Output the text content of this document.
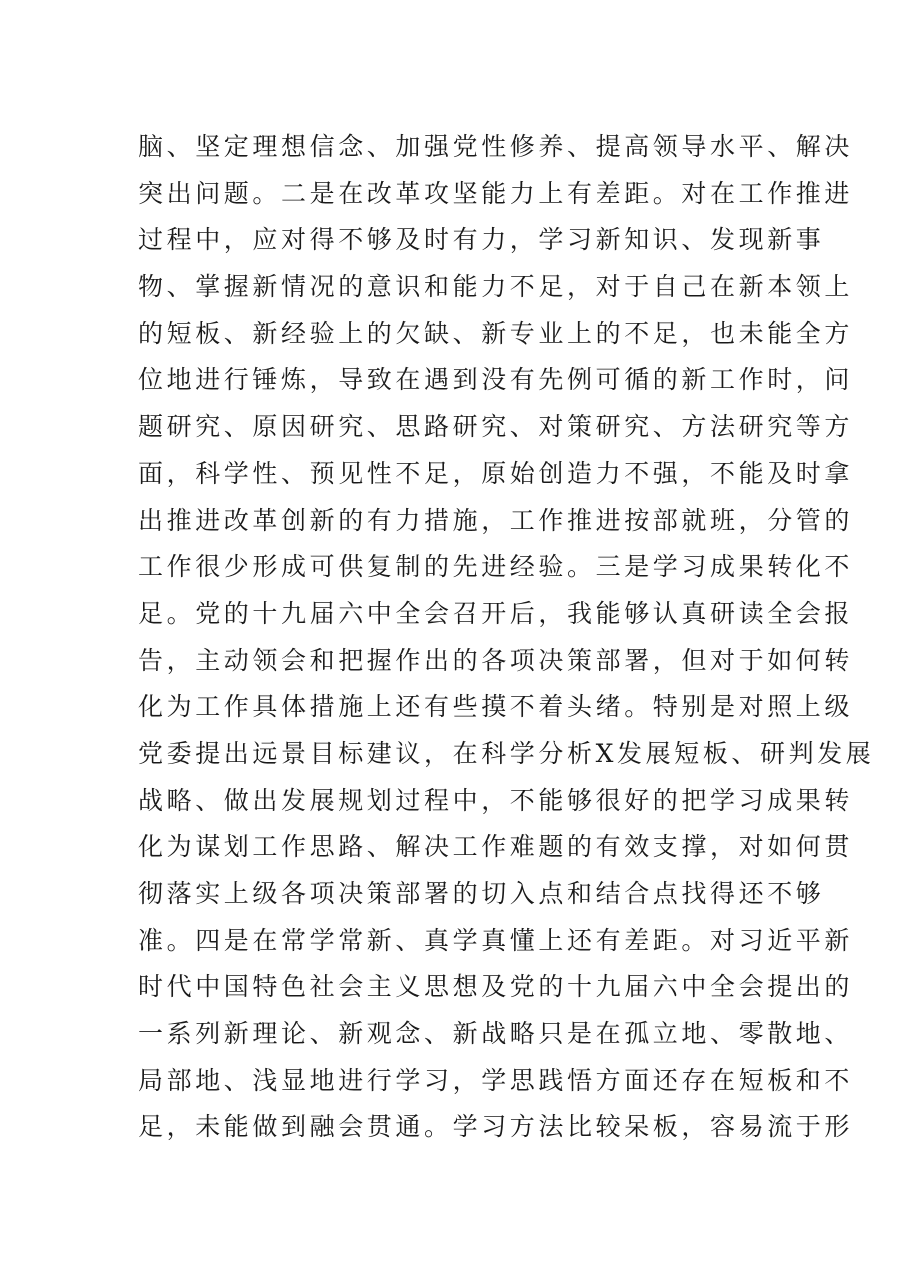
脑、坚定理想信念、加强党性修养、提高领导水平、解决
突出问题。二是在改革攻坚能力上有差距。对在工作推进
过程中，应对得不够及时有力，学习新知识、发现新事
物、掌握新情况的意识和能力不足，对于自己在新本领上
的短板、新经验上的欠缺、新专业上的不足，也未能全方
位地进行锤炼，导致在遇到没有先例可循的新工作时，问
题研究、原因研究、思路研究、对策研究、方法研究等方
面，科学性、预见性不足，原始创造力不强，不能及时拿
出推进改革创新的有力措施，工作推进按部就班，分管的
工作很少形成可供复制的先进经验。三是学习成果转化不
足。党的十九届六中全会召开后，我能够认真研读全会报
告，主动领会和把握作出的各项决策部署，但对于如何转
化为工作具体措施上还有些摸不着头绪。特别是对照上级
党委提出远景目标建议，在科学分析X发展短板、研判发展
战略、做出发展规划过程中，不能够很好的把学习成果转
化为谋划工作思路、解决工作难题的有效支撑，对如何贯
彻落实上级各项决策部署的切入点和结合点找得还不够
准。四是在常学常新、真学真懂上还有差距。对习近平新
时代中国特色社会主义思想及党的十九届六中全会提出的
一系列新理论、新观念、新战略只是在孤立地、零散地、
局部地、浅显地进行学习，学思践悟方面还存在短板和不
足，未能做到融会贯通。学习方法比较呆板，容易流于形
